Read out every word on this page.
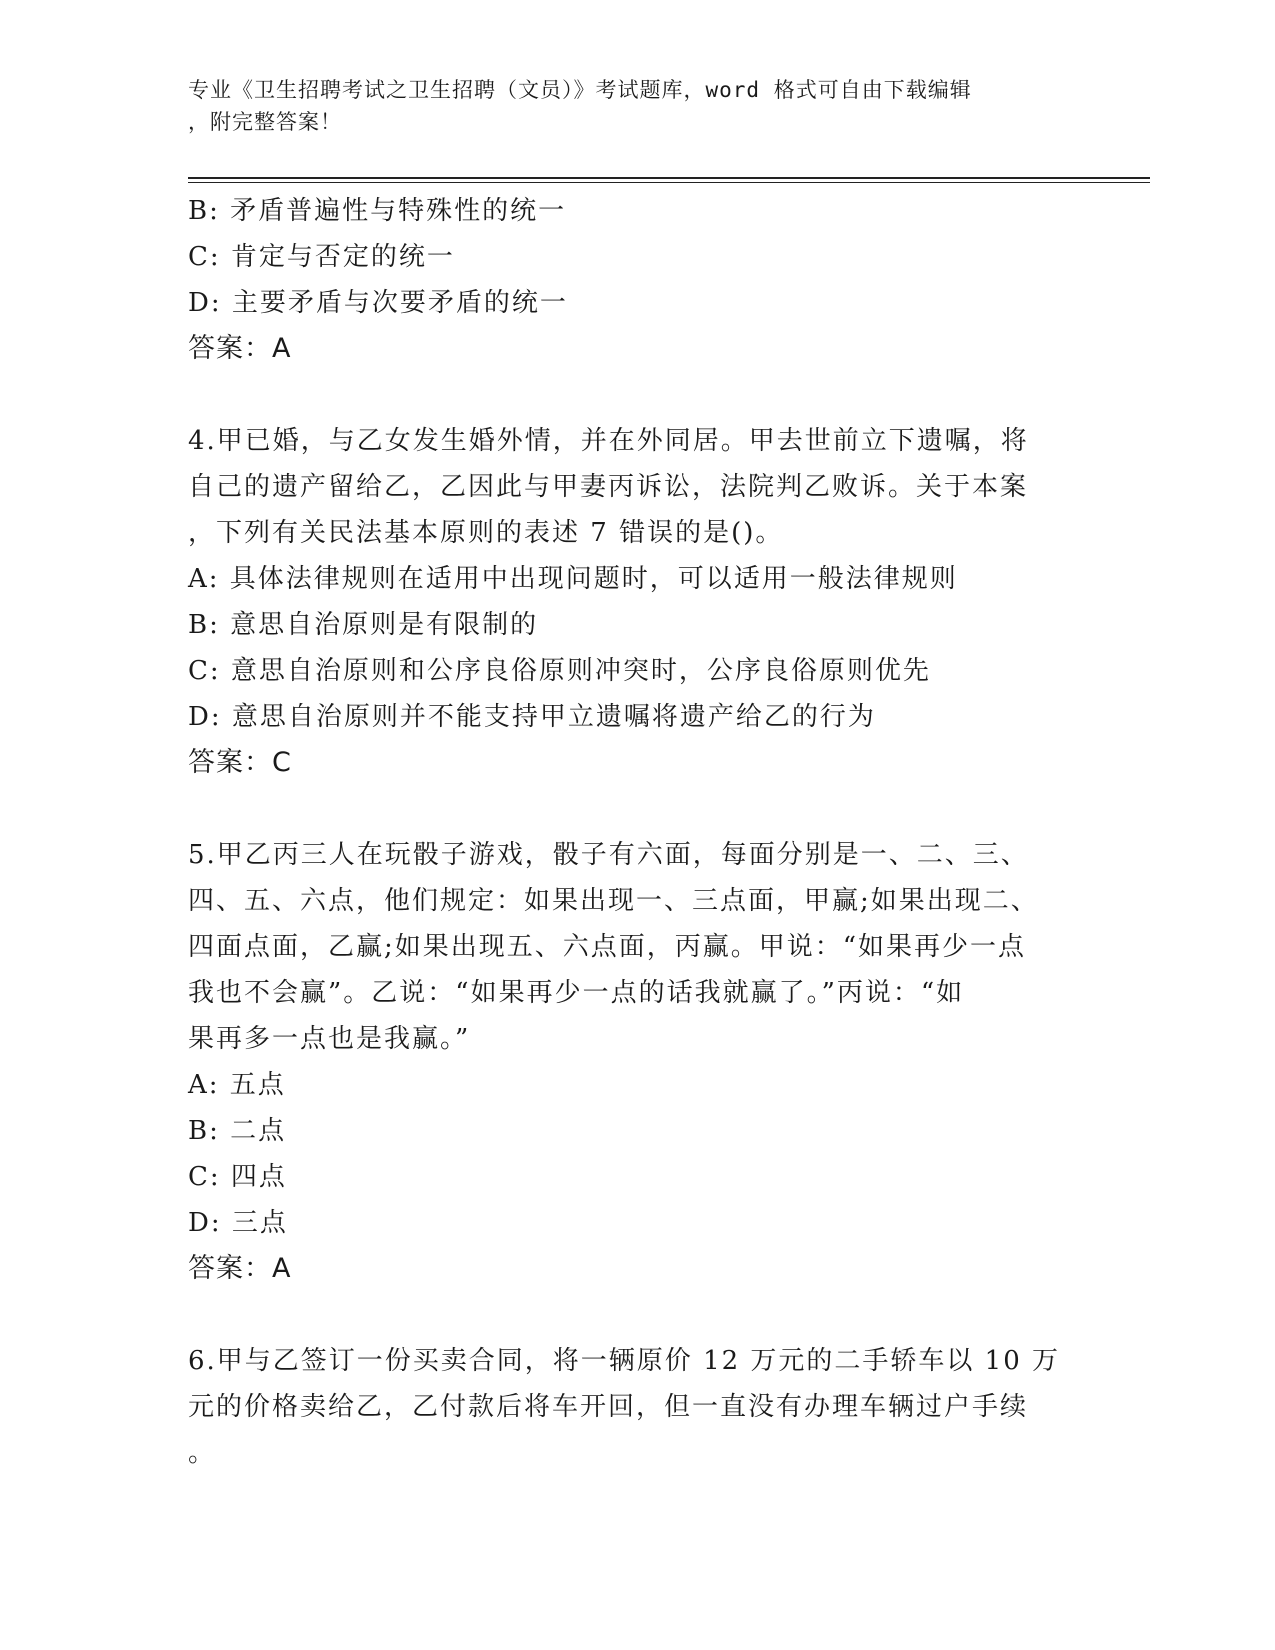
专业《卫生招聘考试之卫生招聘（文员）》考试题库，word 格式可自由下载编辑
，附完整答案！
B: 矛盾普遍性与特殊性的统一
C: 肯定与否定的统一
D: 主要矛盾与次要矛盾的统一
答案：A
4.甲已婚，与乙女发生婚外情，并在外同居。甲去世前立下遗嘱，将
自己的遗产留给乙，乙因此与甲妻丙诉讼，法院判乙败诉。关于本案
，下列有关民法基本原则的表述 7 错误的是()。
A: 具体法律规则在适用中出现问题时，可以适用一般法律规则
B: 意思自治原则是有限制的
C: 意思自治原则和公序良俗原则冲突时，公序良俗原则优先
D: 意思自治原则并不能支持甲立遗嘱将遗产给乙的行为
答案：C
5.甲乙丙三人在玩骰子游戏，骰子有六面，每面分别是一、二、三、
四、五、六点，他们规定：如果出现一、三点面，甲赢;如果出现二、
四面点面，乙赢;如果出现五、六点面，丙赢。甲说：“如果再少一点
我也不会赢”。乙说：“如果再少一点的话我就赢了。”丙说：“如
果再多一点也是我赢。”
A: 五点
B: 二点
C: 四点
D: 三点
答案：A
6.甲与乙签订一份买卖合同，将一辆原价 12 万元的二手轿车以 10 万
元的价格卖给乙，乙付款后将车开回，但一直没有办理车辆过户手续
。
